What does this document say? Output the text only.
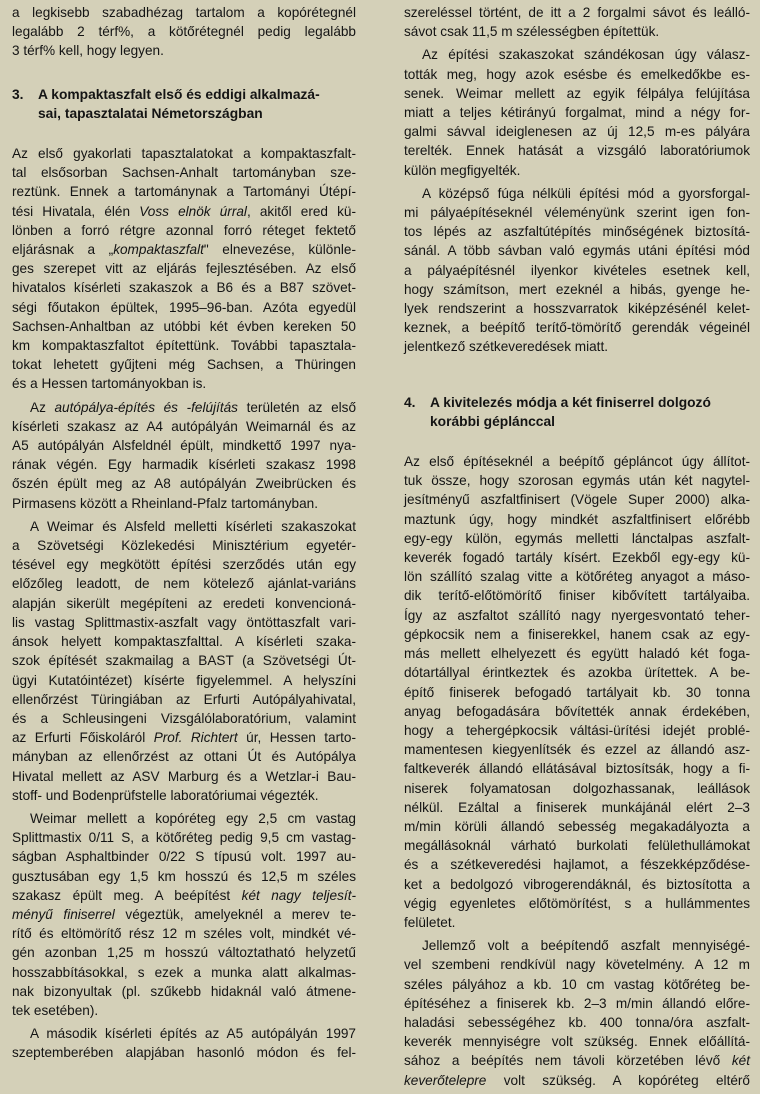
a legkisebb szabadhézag tartalom a kopórétegnél
legalább 2 térf%, a kötőrétegnél pedig legalább
3 térf% kell, hogy legyen.
3. A kompaktaszfalt első és eddigi alkalmazá-
sai, tapasztalatai Németországban
Az első gyakorlati tapasztalatokat a kompaktaszfalt-
tal elsősorban Sachsen-Anhalt tartományban sze-
reztünk. Ennek a tartománynak a Tartományi Útépí-
tési Hivatala, élén Voss elnök úrral, akitől ered kü-
lönben a forró rétgre azonnal forró réteget fektető
eljárásnak a „kompaktaszfalt" elnevezése, különle-
ges szerepet vitt az eljárás fejlesztésében. Az első
hivatalos kísérleti szakaszok a B6 és a B87 szövet-
ségi főutakon épültek, 1995–96-ban. Azóta egyedül
Sachsen-Anhaltban az utóbbi két évben kereken 50
km kompaktaszfaltot építettünk. További tapasztala-
tokat lehetett gyűjteni még Sachsen, a Thüringen
és a Hessen tartományokban is.
Az autópálya-építés és -felújítás területén az első
kísérleti szakasz az A4 autópályán Weimarnál és az
A5 autópályán Alsfeldnél épült, mindkettő 1997 nya-
rának végén. Egy harmadik kísérleti szakasz 1998
őszén épült meg az A8 autópályán Zweibrücken és
Pirmasens között a Rheinland-Pfalz tartományban.
A Weimar és Alsfeld melletti kísérleti szakaszokat
a Szövetségi Közlekedési Minisztérium egyetér-
tésével egy megkötött építési szerződés után egy
előzőleg leadott, de nem kötelező ajánlat-variáns
alapján sikerült megépíteni az eredeti konvencioná-
lis vastag Splittmastix-aszfalt vagy öntöttaszfalt vari-
ánsok helyett kompaktaszfalttal. A kísérleti szaka-
szok építését szakmailag a BAST (a Szövetségi Út-
ügyi Kutatóintézet) kísérte figyelemmel. A helyszíni
ellenőrzést Türingiában az Erfurti Autópályahivatal,
és a Schleusingeni Vizsgálólaboratórium, valamint
az Erfurti Főiskoláról Prof. Richtert úr, Hessen tarto-
mányban az ellenőrzést az ottani Út és Autópálya
Hivatal mellett az ASV Marburg és a Wetzlar-i Bau-
stoff- und Bodenprüfstelle laboratóriumai végezték.
Weimar mellett a kopóréteg egy 2,5 cm vastag
Splittmastix 0/11 S, a kötőréteg pedig 9,5 cm vastag-
ságban Asphaltbinder 0/22 S típusú volt. 1997 au-
gusztusában egy 1,5 km hosszú és 12,5 m széles
szakasz épült meg. A beépítést két nagy teljesít-
ményű finiserrel végeztük, amelyeknél a merev te-
rítő és eltömörítő rész 12 m széles volt, mindkét vé-
gén azonban 1,25 m hosszú változtatható helyzetű
hosszabbításokkal, s ezek a munka alatt alkalmas-
nak bizonyultak (pl. szűkebb hidaknál való átmene-
tek esetében).
A második kísérleti építés az A5 autópályán 1997
szeptemberében alapjában hasonló módon és fel-
szereléssel történt, de itt a 2 forgalmi sávot és leálló-
sávot csak 11,5 m szélességben építettük.
Az építési szakaszokat szándékosan úgy válasz-
tották meg, hogy azok esésbe és emelkedőkbe es-
senek. Weimar mellett az egyik félpálya felújítása
miatt a teljes kétirányú forgalmat, mind a négy for-
galmi sávval ideiglenesen az új 12,5 m-es pályára
terelték. Ennek hatását a vizsgáló laboratóriumok
külön megfigyelték.
A középső fúga nélküli építési mód a gyorsforgal-
mi pályaépítéseknél véleményünk szerint igen fon-
tos lépés az aszfaltútépítés minőségének biztosítá-
sánál. A több sávban való egymás utáni építési mód
a pályaépítésnél ilyenkor kivételes esetnek kell,
hogy számítson, mert ezeknél a hibás, gyenge he-
lyek rendszerint a hosszvarratok kiképzésénél kelet-
keznek, a beépítő terítő-tömörítő gerendák végeinél
jelentkező szétkeveredések miatt.
4. A kivitelezés módja a két finiserrel dolgozó
korábbi géplánccal
Az első építéseknél a beépítő gépláncot úgy állítot-
tuk össze, hogy szorosan egymás után két nagytel-
jesítményű aszfaltfinisert (Vögele Super 2000) alka-
maztunk úgy, hogy mindkét aszfaltfinisert előrébb
egy-egy külön, egymás melletti lánctalpas aszfalt-
keverék fogadó tartály kísért. Ezekből egy-egy kü-
lön szállító szalag vitte a kötőréteg anyagot a máso-
dik terítő-előtömörítő finiser kibővített tartályaiba.
Így az aszfaltot szállító nagy nyergesvontató teher-
gépkocsik nem a finiserekkel, hanem csak az egy-
más mellett elhelyezett és együtt haladó két foga-
dótartállyal érintkeztek és azokba ürítettek. A be-
építő finiserek befogadó tartályait kb. 30 tonna
anyag befogadására bővítették annak érdekében,
hogy a tehergépkocsik váltási-ürítési idejét problé-
mamentesen kiegyenlítsék és ezzel az állandó asz-
faltkeverék állandó ellátásával biztosítsák, hogy a fi-
niserek folyamatosan dolgozhassanak, leállások
nélkül. Ezáltal a finiserek munkájánál elért 2–3
m/min körüli állandó sebesség megakadályozta a
megállásoknál várható burkolati felülethullámokat
és a szétkeveredési hajlamot, a fészekképződése-
ket a bedolgozó vibrogerendáknál, és biztosította a
végig egyenletes előtömörítést, s a hullámmentes
felületet.
Jellemző volt a beépítendő aszfalt mennyiségé-
vel szembeni rendkívül nagy követelmény. A 12 m
széles pályához a kb. 10 cm vastag kötőréteg be-
építéséhez a finiserek kb. 2–3 m/min állandó előre-
haladási sebességéhez kb. 400 tonna/óra aszfalt-
keverék mennyiségre volt szükség. Ennek előállítá-
sához a beépítés nem távoli körzetében lévő két
keverőtelepre volt szükség. A kopóréteg eltérő
